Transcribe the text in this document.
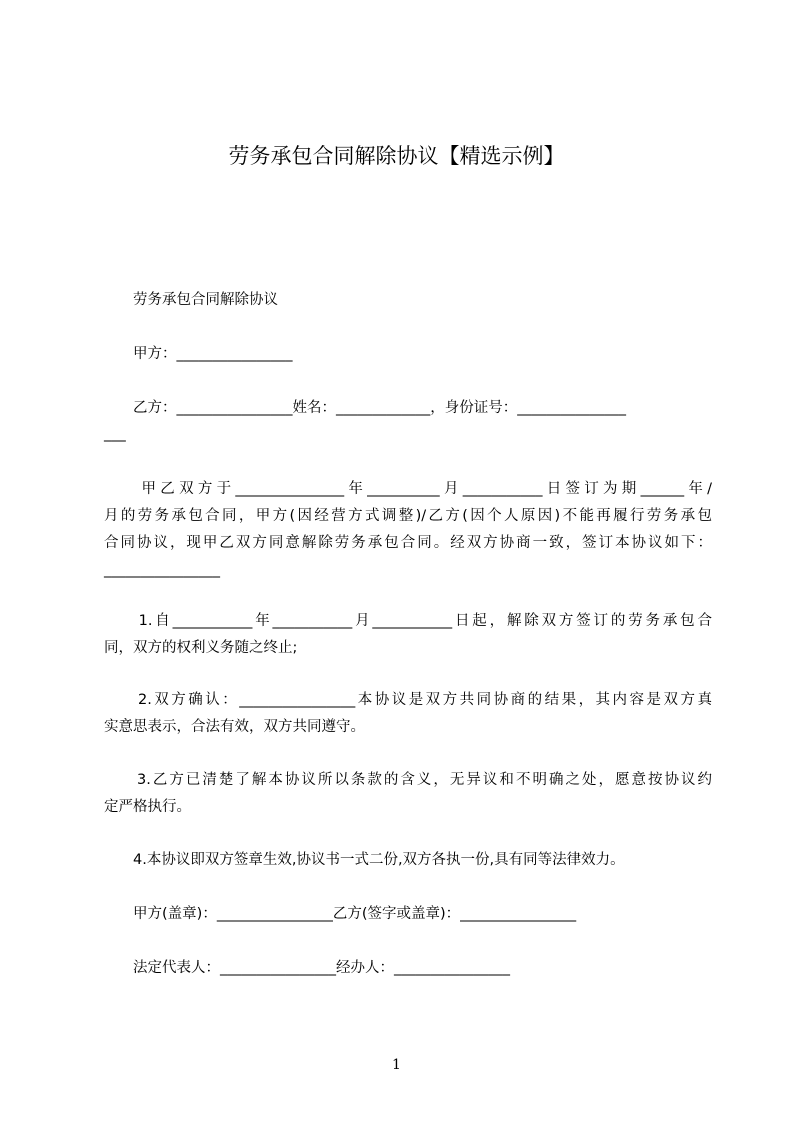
劳务承包合同解除协议【精选示例】
　　劳务承包合同解除协议
　　甲方：________________
　　乙方：________________姓名：_____________，身份证号：_______________
___
　　甲乙双方于_______________年__________月___________日签订为期______年/
月的劳务承包合同，甲方(因经营方式调整)/乙方(因个人原因)不能再履行劳务承包
合同协议，现甲乙双方同意解除劳务承包合同。经双方协商一致，签订本协议如下：
________________
　　1.自___________年___________月___________日起，解除双方签订的劳务承包合
同，双方的权利义务随之终止;
　　2.双方确认：________________本协议是双方共同协商的结果，其内容是双方真
实意思表示，合法有效，双方共同遵守。
　　3.乙方已清楚了解本协议所以条款的含义，无异议和不明确之处，愿意按协议约
定严格执行。
　　4.本协议即双方签章生效,协议书一式二份,双方各执一份,具有同等法律效力。
　　甲方(盖章)：________________乙方(签字或盖章)：________________
　　法定代表人：________________经办人：________________
1
